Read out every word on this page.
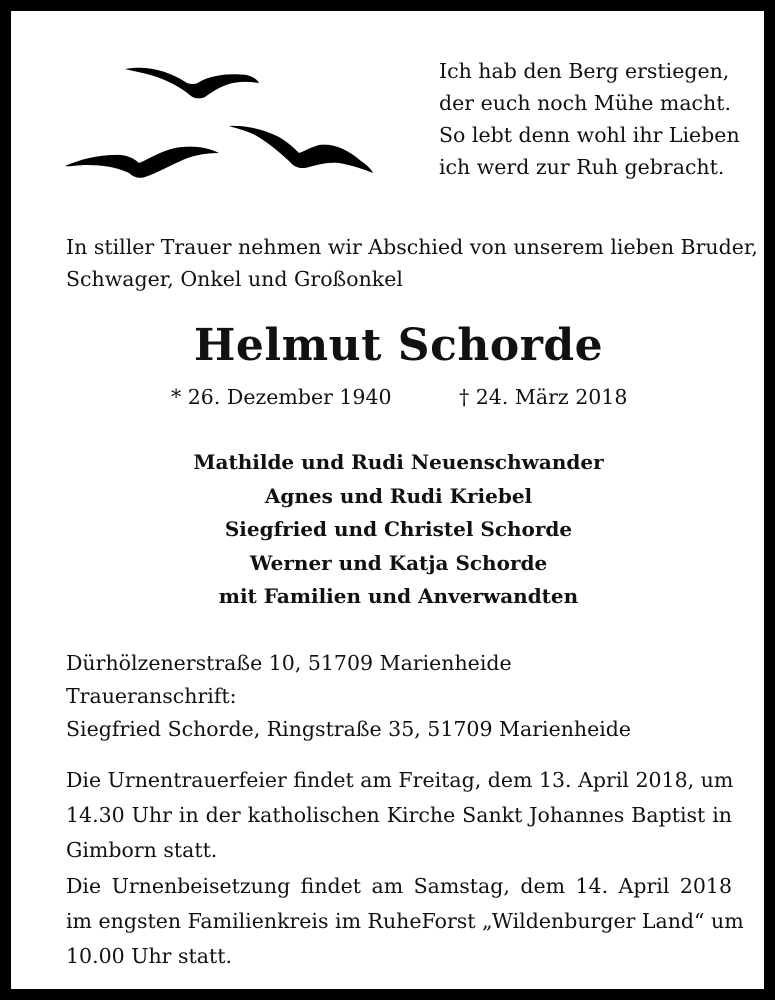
Ich hab den Berg erstiegen,
der euch noch Mühe macht.
So lebt denn wohl ihr Lieben
ich werd zur Ruh gebracht.
In stiller Trauer nehmen wir Abschied von unserem lieben Bruder,
Schwager, Onkel und Großonkel
Helmut Schorde
* 26. Dezember 1940	† 24. März 2018
Mathilde und Rudi Neuenschwander
Agnes und Rudi Kriebel
Siegfried und Christel Schorde
Werner und Katja Schorde
mit Familien und Anverwandten
Dürhölzenerstraße 10, 51709 Marienheide
Traueranschrift:
Siegfried Schorde, Ringstraße 35, 51709 Marienheide
Die Urnentrauerfeier findet am Freitag, dem 13. April 2018, um
14.30 Uhr in der katholischen Kirche Sankt Johannes Baptist in
Gimborn statt.
Die Urnenbeisetzung findet am Samstag, dem 14. April 2018
im engsten Familienkreis im RuheForst „Wildenburger Land“ um
10.00 Uhr statt.
